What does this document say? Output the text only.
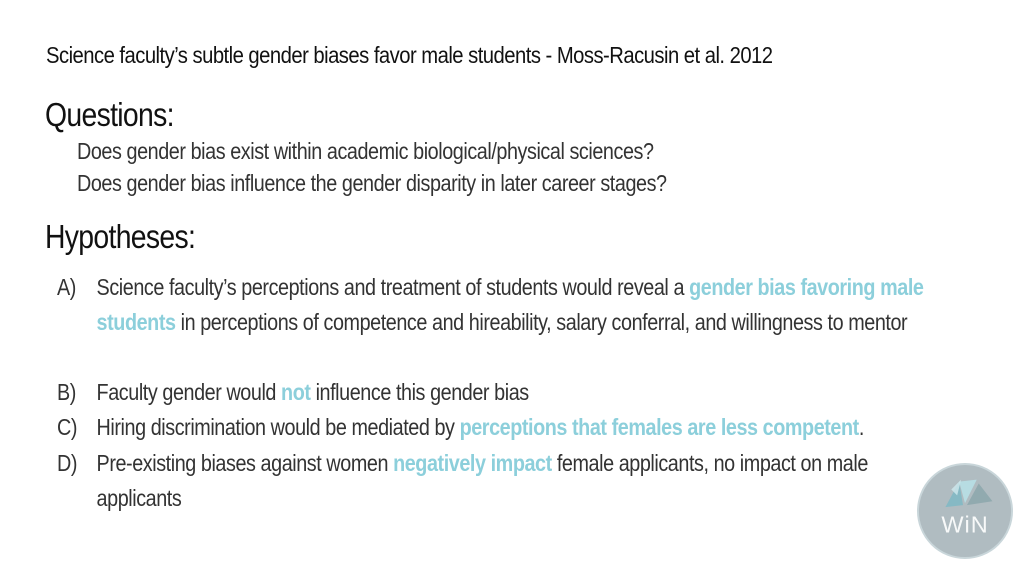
Science faculty’s subtle gender biases favor male students - Moss-Racusin et al. 2012
Questions:
Does gender bias exist within academic biological/physical sciences?
Does gender bias influence the gender disparity in later career stages?
Hypotheses:
A) Science faculty’s perceptions and treatment of students would reveal a gender bias favoring male students in perceptions of competence and hireability, salary conferral, and willingness to mentor
B) Faculty gender would not influence this gender bias
C) Hiring discrimination would be mediated by perceptions that females are less competent.
D) Pre-existing biases against women negatively impact female applicants, no impact on male applicants
WiN
